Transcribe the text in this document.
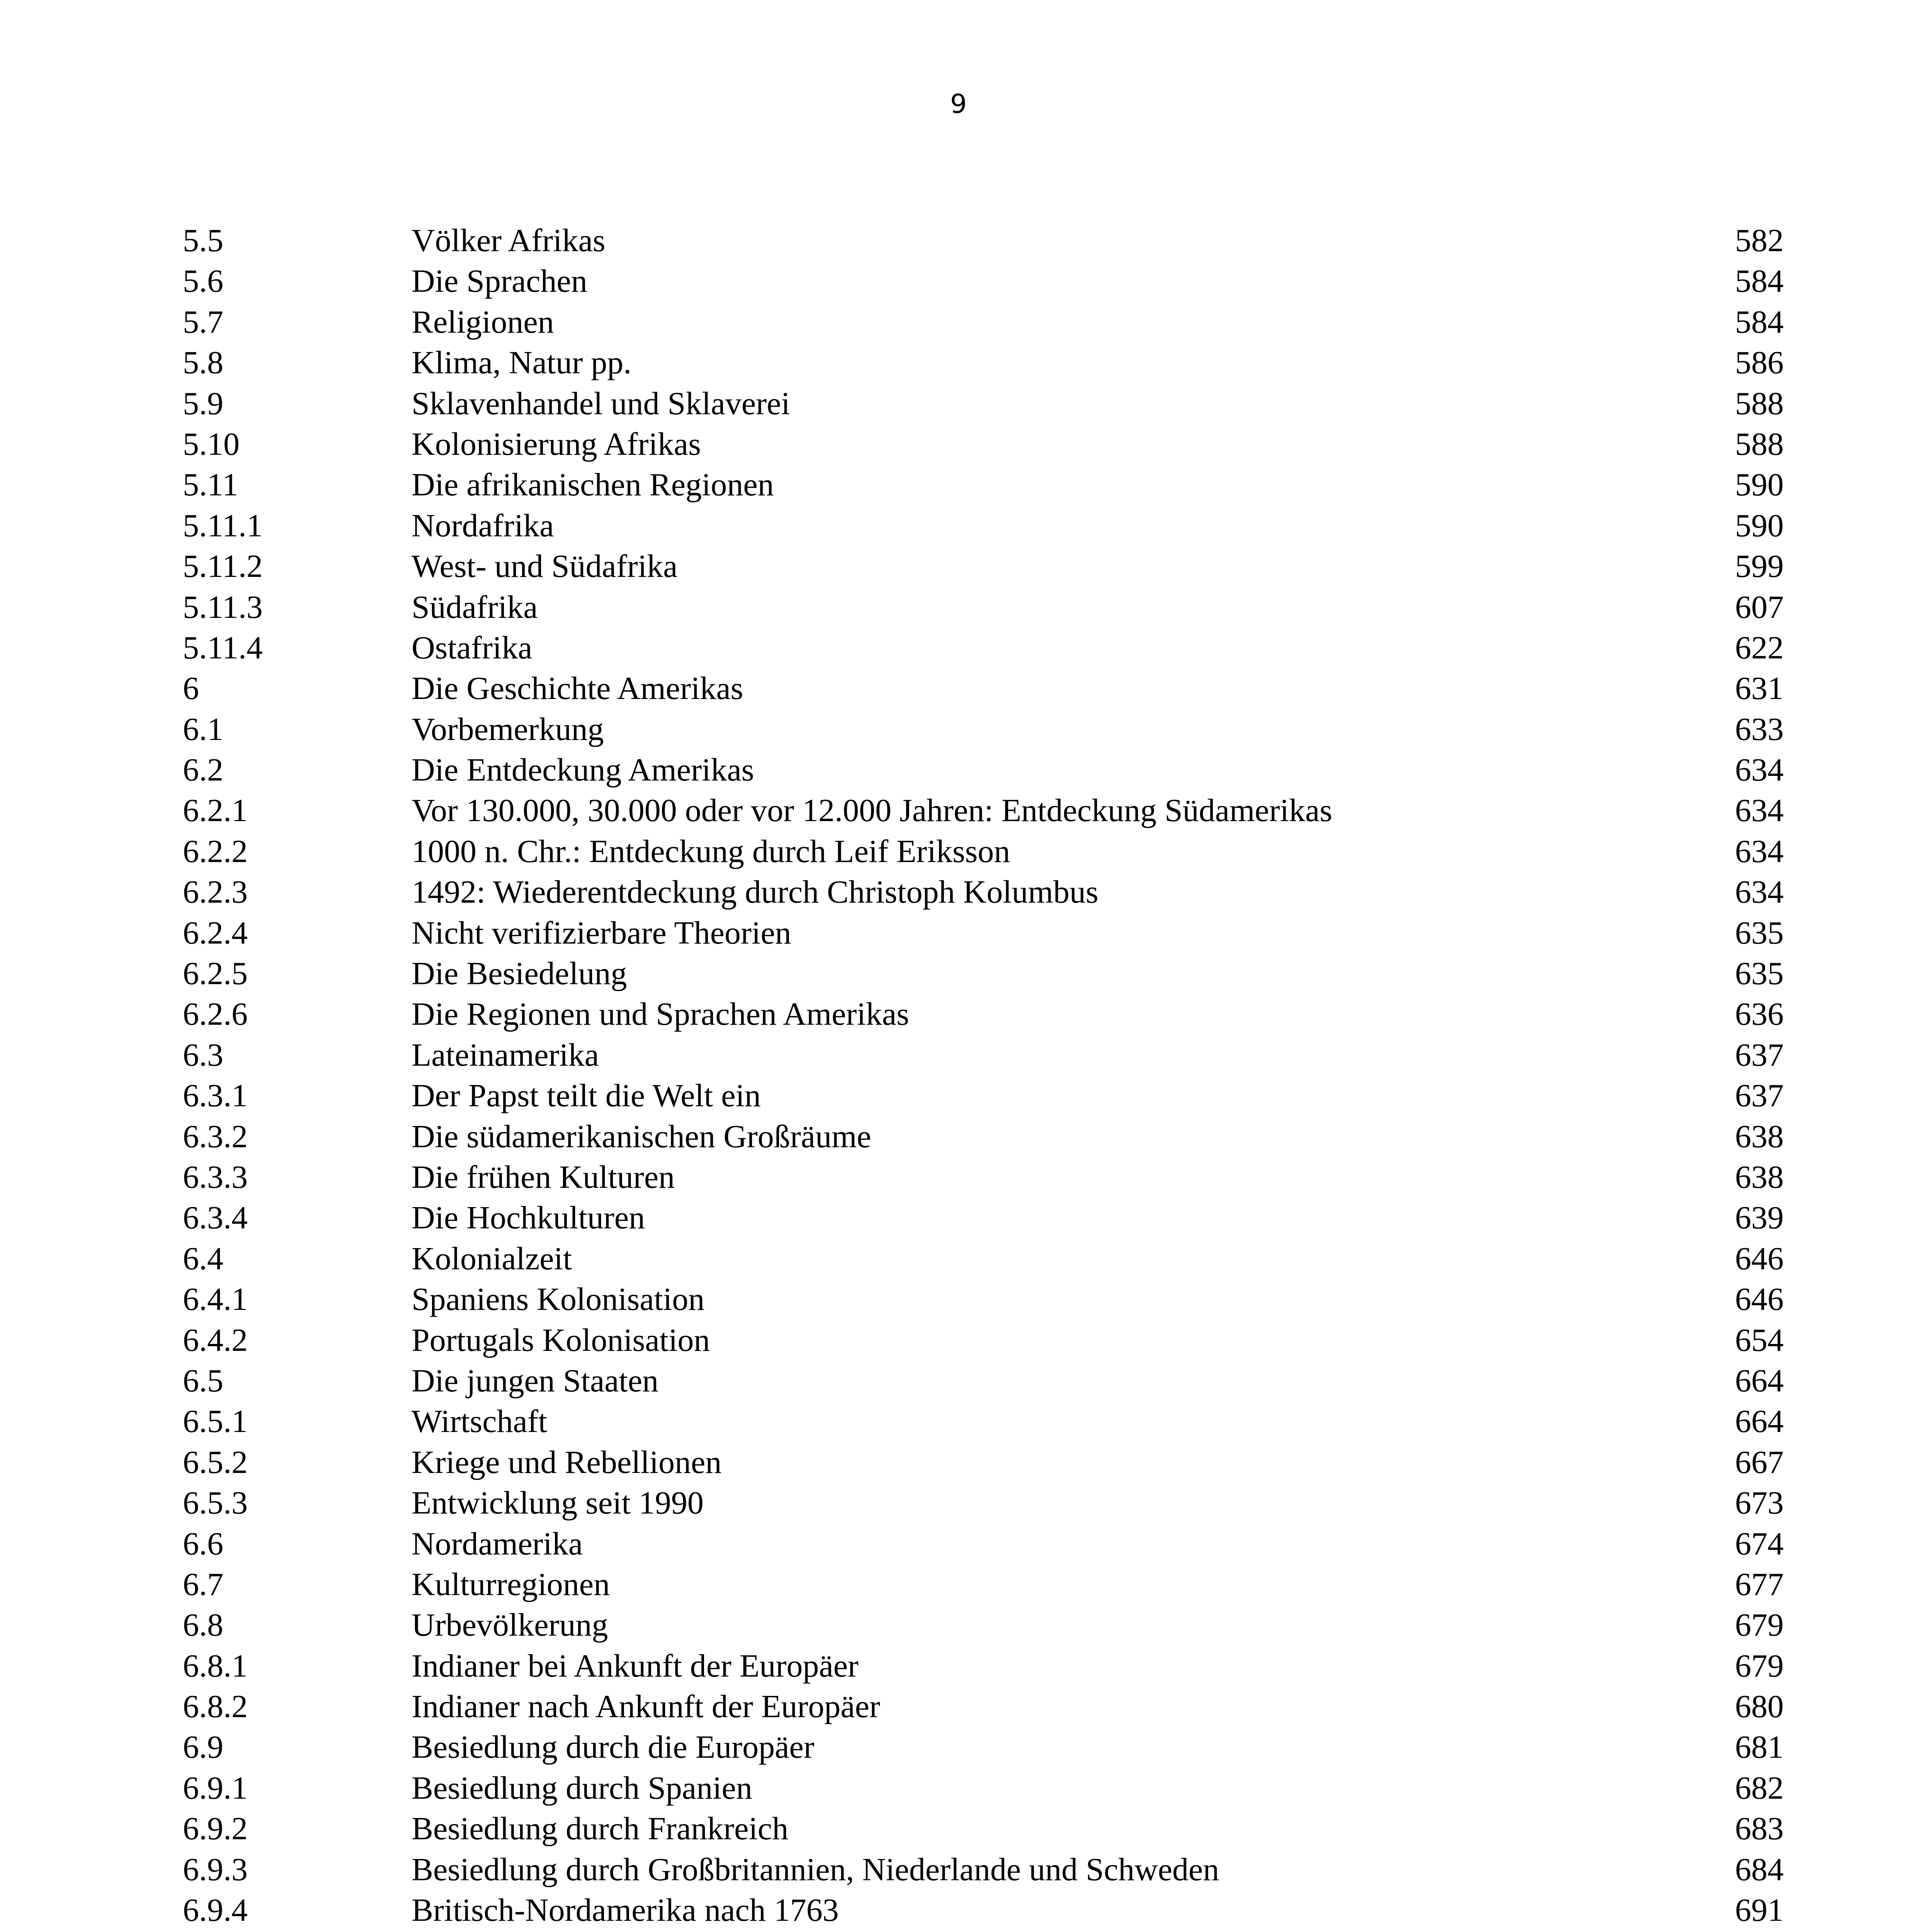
9
5.5	Völker Afrikas	582
5.6	Die Sprachen	584
5.7	Religionen	584
5.8	Klima, Natur pp.	586
5.9	Sklavenhandel und Sklaverei	588
5.10	Kolonisierung Afrikas	588
5.11	Die afrikanischen Regionen	590
5.11.1	Nordafrika	590
5.11.2	West- und Südafrika	599
5.11.3	Südafrika	607
5.11.4	Ostafrika	622
6	Die Geschichte Amerikas	631
6.1	Vorbemerkung	633
6.2	Die Entdeckung Amerikas	634
6.2.1	Vor 130.000, 30.000 oder vor 12.000 Jahren: Entdeckung Südamerikas	634
6.2.2	1000 n. Chr.: Entdeckung durch Leif Eriksson	634
6.2.3	1492: Wiederentdeckung durch Christoph Kolumbus	634
6.2.4	Nicht verifizierbare Theorien	635
6.2.5	Die Besiedelung	635
6.2.6	Die Regionen und Sprachen Amerikas	636
6.3	Lateinamerika	637
6.3.1	Der Papst teilt die Welt ein	637
6.3.2	Die südamerikanischen Großräume	638
6.3.3	Die frühen Kulturen	638
6.3.4	Die Hochkulturen	639
6.4	Kolonialzeit	646
6.4.1	Spaniens Kolonisation	646
6.4.2	Portugals Kolonisation	654
6.5	Die jungen Staaten	664
6.5.1	Wirtschaft	664
6.5.2	Kriege und Rebellionen	667
6.5.3	Entwicklung seit 1990	673
6.6	Nordamerika	674
6.7	Kulturregionen	677
6.8	Urbevölkerung	679
6.8.1	Indianer bei Ankunft der Europäer	679
6.8.2	Indianer nach Ankunft der Europäer	680
6.9	Besiedlung durch die Europäer	681
6.9.1	Besiedlung durch Spanien	682
6.9.2	Besiedlung durch Frankreich	683
6.9.3	Besiedlung durch Großbritannien, Niederlande und Schweden	684
6.9.4	Britisch-Nordamerika nach 1763	691
